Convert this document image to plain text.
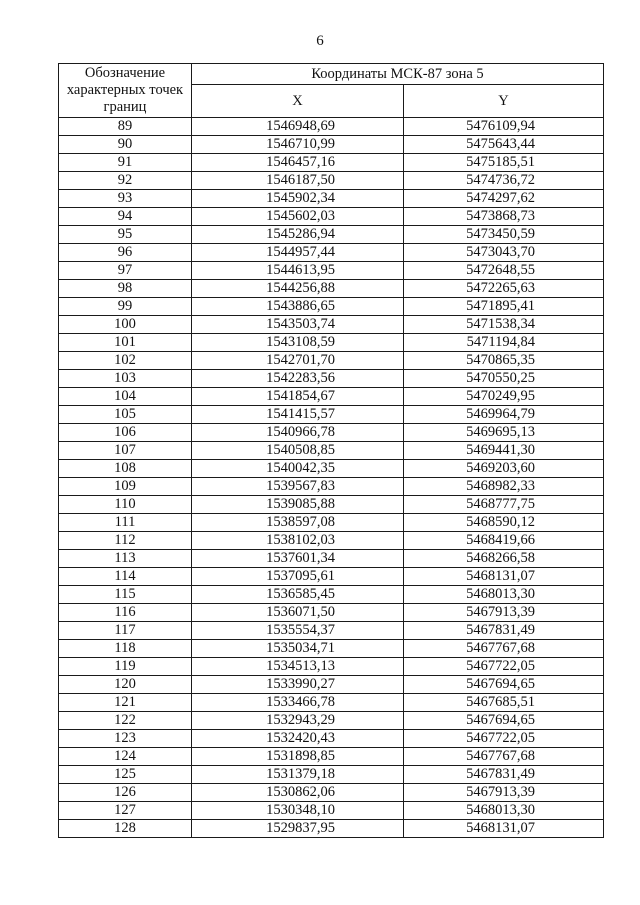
6
Обозначение характерных точек границ	Координаты МСК-87 зона 5	
	X	Y
89	1546948,69	5476109,94
90	1546710,99	5475643,44
91	1546457,16	5475185,51
92	1546187,50	5474736,72
93	1545902,34	5474297,62
94	1545602,03	5473868,73
95	1545286,94	5473450,59
96	1544957,44	5473043,70
97	1544613,95	5472648,55
98	1544256,88	5472265,63
99	1543886,65	5471895,41
100	1543503,74	5471538,34
101	1543108,59	5471194,84
102	1542701,70	5470865,35
103	1542283,56	5470550,25
104	1541854,67	5470249,95
105	1541415,57	5469964,79
106	1540966,78	5469695,13
107	1540508,85	5469441,30
108	1540042,35	5469203,60
109	1539567,83	5468982,33
110	1539085,88	5468777,75
111	1538597,08	5468590,12
112	1538102,03	5468419,66
113	1537601,34	5468266,58
114	1537095,61	5468131,07
115	1536585,45	5468013,30
116	1536071,50	5467913,39
117	1535554,37	5467831,49
118	1535034,71	5467767,68
119	1534513,13	5467722,05
120	1533990,27	5467694,65
121	1533466,78	5467685,51
122	1532943,29	5467694,65
123	1532420,43	5467722,05
124	1531898,85	5467767,68
125	1531379,18	5467831,49
126	1530862,06	5467913,39
127	1530348,10	5468013,30
128	1529837,95	5468131,07
